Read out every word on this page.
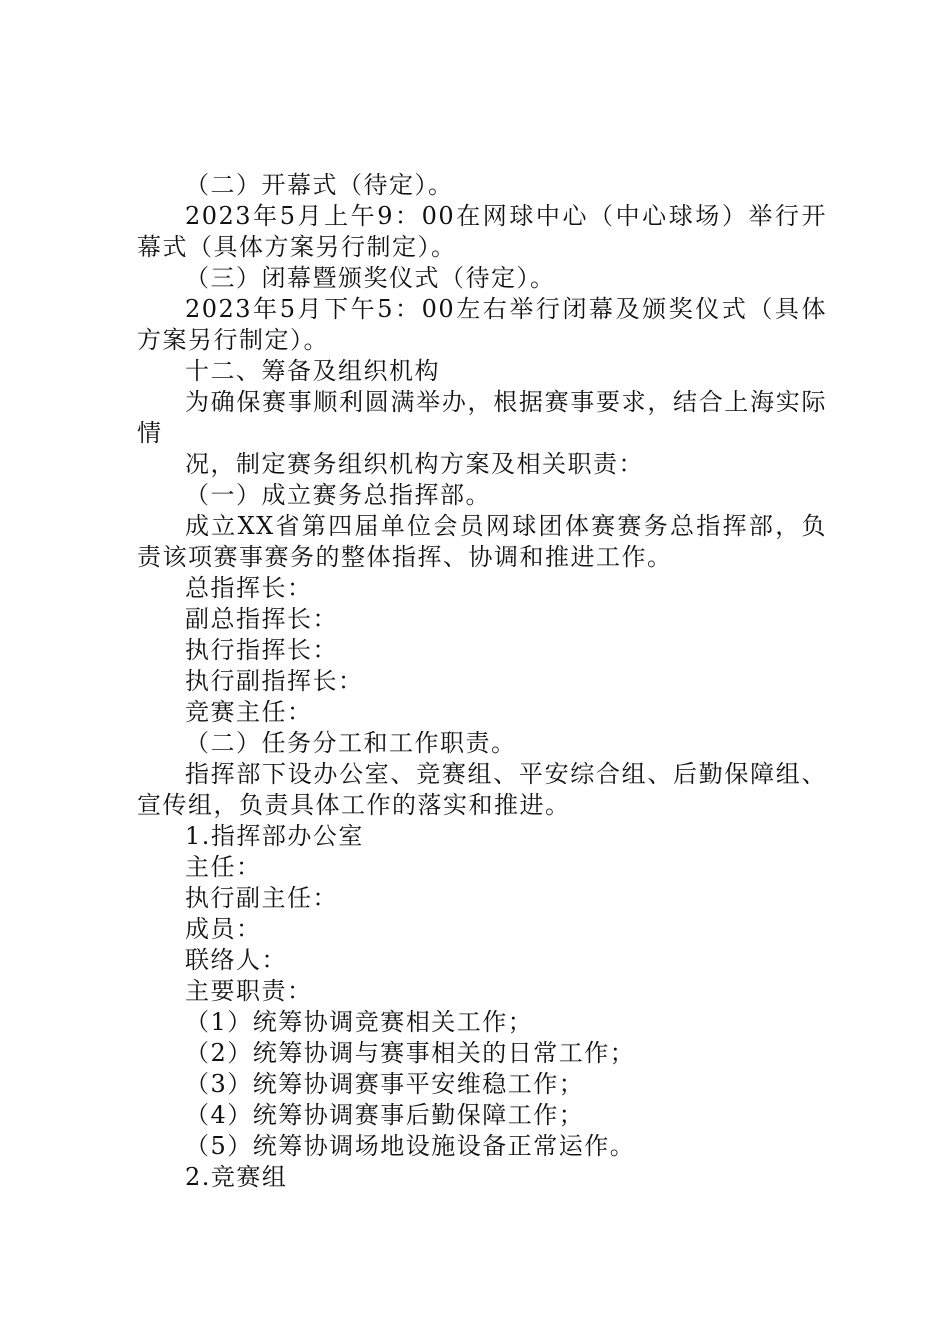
（二）开幕式（待定）。

2023年5月上午9：00在网球中心（中心球场）举行开幕式（具体方案另行制定）。

（三）闭幕暨颁奖仪式（待定）。

2023年5月下午5：00左右举行闭幕及颁奖仪式（具体方案另行制定）。

十二、筹备及组织机构

为确保赛事顺利圆满举办，根据赛事要求，结合上海实际情

况，制定赛务组织机构方案及相关职责：

（一）成立赛务总指挥部。

成立XX省第四届单位会员网球团体赛赛务总指挥部，负责该项赛事赛务的整体指挥、协调和推进工作。

总指挥长：

副总指挥长：

执行指挥长：

执行副指挥长：

竞赛主任：

（二）任务分工和工作职责。

指挥部下设办公室、竞赛组、平安综合组、后勤保障组、宣传组，负责具体工作的落实和推进。

1.指挥部办公室

主任：

执行副主任：

成员：

联络人：

主要职责：

（1）统筹协调竞赛相关工作；

（2）统筹协调与赛事相关的日常工作；

（3）统筹协调赛事平安维稳工作；

（4）统筹协调赛事后勤保障工作；

（5）统筹协调场地设施设备正常运作。

2.竞赛组
